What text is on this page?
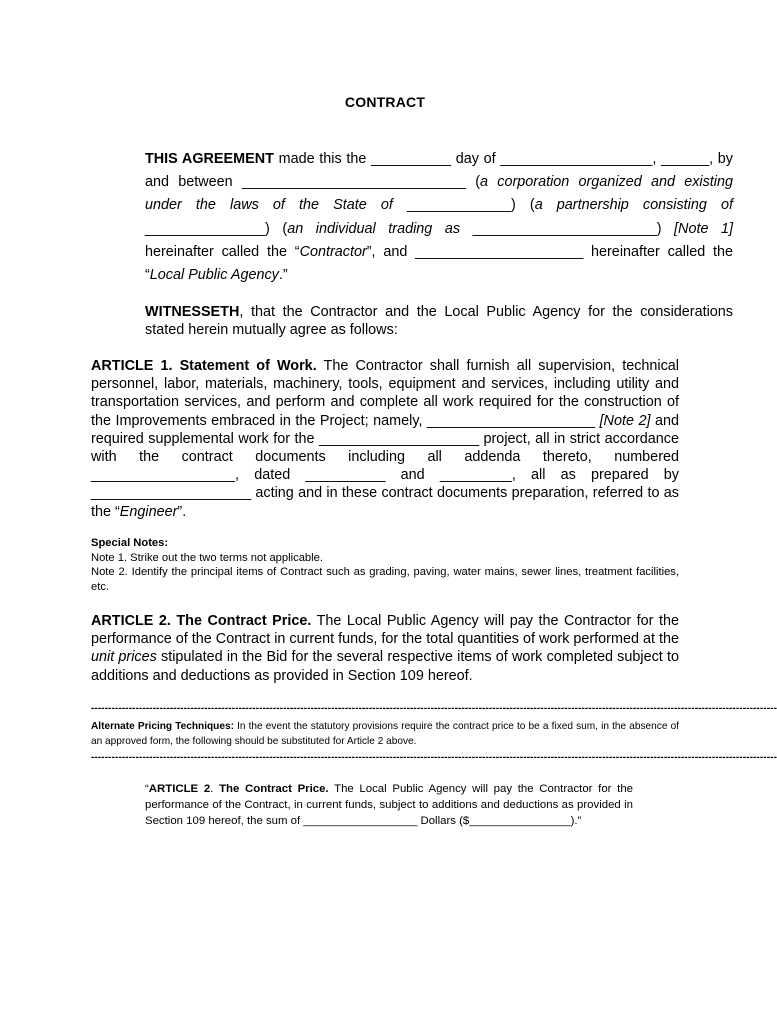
CONTRACT
THIS AGREEMENT made this the __________ day of ___________________, ______, by and between ____________________________ (a corporation organized and existing under the laws of the State of _____________) (a partnership consisting of _______________) (an individual trading as _______________________) [Note 1] hereinafter called the “Contractor”, and _____________________ hereinafter called the “Local Public Agency.”
WITNESSETH, that the Contractor and the Local Public Agency for the considerations stated herein mutually agree as follows:
ARTICLE 1. Statement of Work. The Contractor shall furnish all supervision, technical personnel, labor, materials, machinery, tools, equipment and services, including utility and transportation services, and perform and complete all work required for the construction of the Improvements embraced in the Project; namely, _____________________ [Note 2] and required supplemental work for the ____________________ project, all in strict accordance with the contract documents including all addenda thereto, numbered __________________, dated __________ and _________, all as prepared by ____________________ acting and in these contract documents preparation, referred to as the “Engineer”.
Special Notes:
Note 1. Strike out the two terms not applicable.
Note 2. Identify the principal items of Contract such as grading, paving, water mains, sewer lines, treatment facilities, etc.
ARTICLE 2. The Contract Price. The Local Public Agency will pay the Contractor for the performance of the Contract in current funds, for the total quantities of work performed at the unit prices stipulated in the Bid for the several respective items of work completed subject to additions and deductions as provided in Section 109 hereof.
--------------------------------------------------------------------------------------------------------------------------------------------------------------------------------------------------------
Alternate Pricing Techniques: In the event the statutory provisions require the contract price to be a fixed sum, in the absence of an approved form, the following should be substituted for Article 2 above.
--------------------------------------------------------------------------------------------------------------------------------------------------------------------------------------------------------
“ARTICLE 2. The Contract Price. The Local Public Agency will pay the Contractor for the performance of the Contract, in current funds, subject to additions and deductions as provided in Section 109 hereof, the sum of __________________ Dollars ($________________).”
